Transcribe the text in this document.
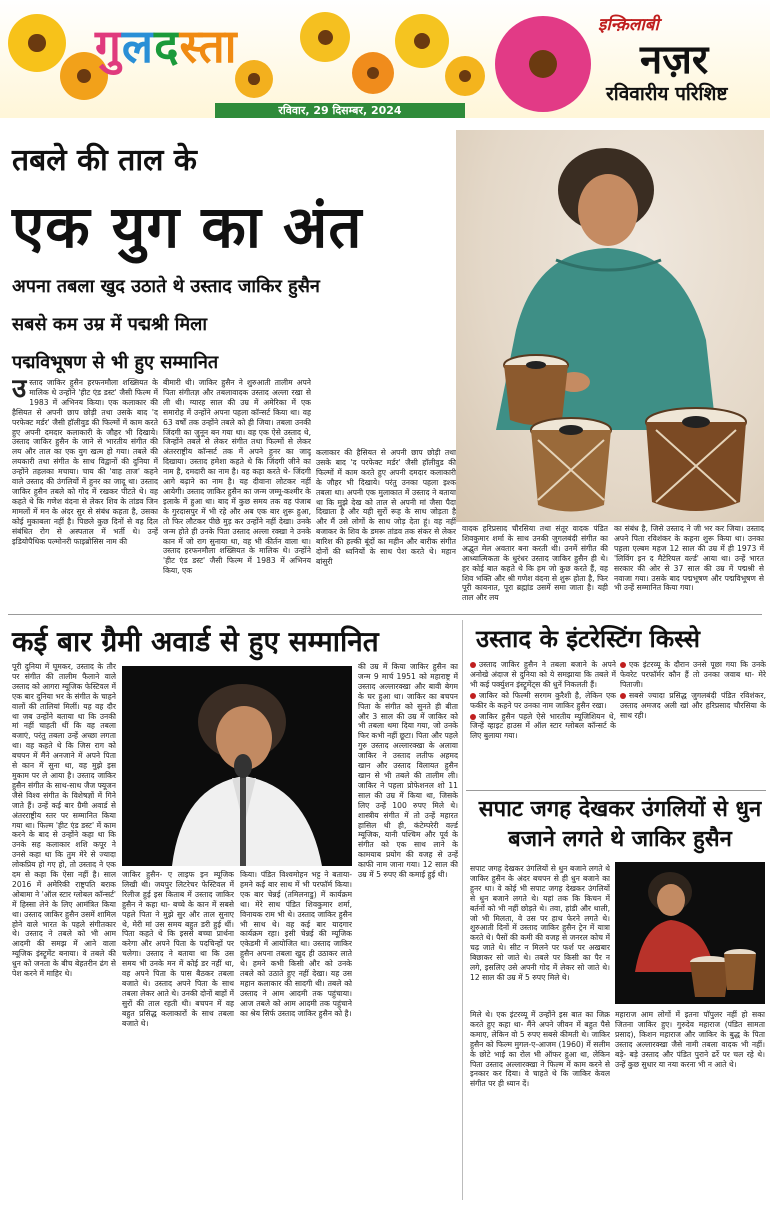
गुलदस्ता	इन्क़िलाबी
नज़र
रविवारीय परिशिष्ट
रविवार, 29 दिसम्बर, 2024
तबले की ताल के
एक युग का अंत
अपना तबला खुद उठाते थे उस्ताद जाकिर हुसैन
सबसे कम उम्र में पद्मश्री मिला
पद्मविभूषण से भी हुए सम्मानित
उस्ताद जाकिर हुसैन हरफनमौला शख्सियत के मालिक थे उन्होंने 'हीट एंड डस्ट' जैसी फिल्म में 1983 में अभिनय किया। एक कलाकार की हैसियत से अपनी छाप छोड़ी तथा उसके बाद 'द परफेक्ट मर्डर' जैसी हॉलीवुड की फिल्मों में काम करते हुए अपनी दमदार कलाकारी के जौहर भी दिखाये। उस्ताद जाकिर हुसैन के जाने से भारतीय संगीत की लय और ताल का एक युग खत्म हो गया। तबले की लयकारी तथा संगीत के साथ विद्वानों की दुनिया में उन्होंने तहलका मचाया। चाय की 'वाह ताज' कहने वाले उस्ताद की उंगलियों में हुनर का जादू था। उस्ताद जाकिर हुसैन तबले को गोद में रखकर पीटते थे। वह कहते थे कि गणेश वंदना से लेकर शिव के तांडव जिन मामलों में मन के अंदर सुर से संबंध कहता है, उसका कोई मुकाबला नहीं है। पिछले कुछ दिनों से वह दिल संबंधित रोग से अस्पताल में भर्ती थे। उन्हें इडियोपैथिक पल्मोनरी फाइब्रोसिस नाम की
बीमारी थी। जाकिर हुसैन ने शुरुआती तालीम अपने पिता संगीतज्ञ और तबलावादक उस्ताद अल्ला रखा से ली थी। ग्यारह साल की उम्र में अमेरिका में एक समारोह में उन्होंने अपना पहला कॉन्सर्ट किया था। वह 63 वर्षों तक उन्होंने तबले को ही जिया। तबला उनकी जिंदगी का जुनून बन गया था। वह एक ऐसे उस्ताद थे, जिन्होंने तबले से लेकर संगीत तथा फिल्मों से लेकर अंतरराष्ट्रीय कॉन्सर्ट तक में अपने हुनर का जादू दिखाया। उस्ताद हमेशा कहते थे कि जिंदगी जीने का नाम है, दमदारी का नाम है। वह कहा करते थे- जिंदगी आगे बढ़ाने का नाम है। यह दीवाना लोटकर नहीं आयेगी। उस्ताद जाकिर हुसैन का जन्म जम्मू-कश्मीर के इलाके में हुआ था। बाद में कुछ समय तक वह पंजाब के गुरदासपुर में भी रहे और अब एक बार शुरू हुआ, तो फिर लौटकर पीछे मुड़ कर उन्होंने नहीं देखा। उनके जन्म होते ही उनके पिता उस्ताद अल्ला रक्खा ने उनके कान में जो राग सुनाया था, वह भी कीर्तन वाला था। उस्ताद हरफनमौला शख्सियत के मालिक थे। उन्होंने 'हीट एंड डस्ट' जैसी फिल्म में 1983 में अभिनय किया, एक
कलाकार की हैसियत से अपनी छाप छोड़ी तथा उसके बाद 'द परफेक्ट मर्डर' जैसी हॉलीवुड की फिल्मों में काम करते हुए अपनी दमदार कलाकारी के जौहर भी दिखाये। परंतु उनका पहला इश्क तबला था। अपनी एक मुलाकात में उस्ताद ने बताया था कि मुझे देख को ताल से अपनी मां जैसा पैदा दिखाता है और यही सुरों रूह के साथ जोड़ता है और मैं उसे लोगों के साथ जोड़ देता हूं। वह नहीं बजाकर के शिव के डमरू तांडव तक संकर से लेकर बारिश की हल्की बूंदों का महीन और बारीक संगीत दोनों की ध्वनियों के साथ पेश करते थे। महान बांसुरी
वादक हरिप्रसाद चौरसिया तथा संतूर वादक पंडित शिवकुमार शर्मा के साथ उनकी जुगलबंदी संगीत का अद्भुत मेल अवतार बना करती थी। उनमें संगीत की आध्यात्मिकता के धुरंधर उस्ताद जाकिर हुसैन ही थे। हर कोई बात कहते थे कि हम जो कुछ करते हैं, वह शिव भक्ति और श्री गणेश वंदना से शुरू होता है, फिर पूरी कायनात, पूरा ब्रह्मांड उसमें समा जाता है। यही ताल और लय
का संबंध है, जिसे उस्ताद ने जी भर कर जिया। उस्ताद अपने पिता रविशंकर के कहना शुरू किया था। उनका पहला एल्बम महज 12 साल की उम्र में ही 1973 में 'लिविंग इन द मैटेरियल वर्ल्ड' आया था। उन्हें भारत सरकार की ओर से 37 साल की उम्र में पद्मश्री से नवाजा गया। उसके बाद पद्मभूषण और पद्मविभूषण से भी उन्हें सम्मानित किया गया।
कई बार ग्रैमी अवार्ड से हुए सम्मानित
पूरी दुनिया में घूमकर, उस्ताद के तौर पर संगीत की तालीम फैलाने वाले उस्ताद को आगरा म्यूजिक फेस्टिवल में एक बार दुनिया भर के संगीत के चाहने वालों की तालियां मिलीं। यह वह दौर था जब उन्होंने बताया था कि उनकी मां नहीं चाहती थीं कि वह तबला बजाएं, परंतु तबला उन्हें अच्छा लगता था। वह कहते थे कि जिस राग को बचपन में मैंने अनजाने में अपने पिता से कान में सुना था, वह मुझे इस मुकाम पर ले आया है। उस्ताद जाकिर हुसैन संगीत के साथ-साथ जैज फ्यूजन जैसे विश्व संगीत के विशेषज्ञों में गिने जाते हैं। उन्हें कई बार ग्रैमी अवार्ड से अंतरराष्ट्रीय स्तर पर सम्मानित किया गया था। फिल्म 'हीट एंड डस्ट' में काम करने के बाद से उन्होंने कहा था कि उनके सह कलाकार शशि कपूर ने उनसे कहा था कि तुम मेरे से ज्यादा लोकप्रिय हो गए हो, तो उस्ताद ने एक दम से कहा कि ऐसा नहीं है। साल 2016 में अमेरिकी राष्ट्रपति बराक ओबामा ने 'ऑल स्टार ग्लोबल कॉन्सर्ट' में हिस्सा लेने के लिए आमंत्रित किया था। उस्ताद जाकिर हुसैन उसमें शामिल होने वाले भारत के पहले संगीतकार थे। उस्ताद ने तबले को भी आम आदमी की समझ में आने वाला म्यूजिक इंस्ट्रूमेंट बनाया। वे तबले की धुन को जनता के बीच बेहतरीन ढंग से पेश करने में माहिर थे।
जाकिर हुसैन- ए लाइफ इन म्यूजिक लिखी थी। जयपुर लिटरेचर फेस्टिवल में रिलीज हुई इस किताब में उस्ताद जाकिर हुसैन ने कहा था- बच्चे के कान में सबसे पहले पिता ने मुझे सुर और ताल सुनाए थे, मेरी मां उस समय बहुत डरी हुई थीं। पिता कहते थे कि इससे बच्चा प्रार्थना करेगा और अपने पिता के पदचिन्हों पर चलेगा। उस्ताद ने बताया था कि उस समय भी उनके मन में कोई डर नहीं था, वह अपने पिता के पास बैठकर तबला बजाते थे। उस्ताद अपने पिता के साथ तबला लेकर आते थे। उनकी दोनों बाहों में सुरों की ताल रहती थी। बचपन में वह बहुत प्रसिद्ध कलाकारों के साथ तबला बजाते थे।
किया। पंडित विश्वमोहन भट्ट ने बताया- हमने कई बार साथ में भी परफॉर्म किया। एक बार चेन्नई (तमिलनाडु) में कार्यक्रम था। मेरे साथ पंडित शिवकुमार शर्मा, विनायक राम भी थे। उस्ताद जाकिर हुसैन भी साथ थे। वह कई बार यादगार कार्यक्रम रहा। इसी चेन्नई की म्यूजिक एकेडमी में आयोजित था। उस्ताद जाकिर हुसैन अपना तबला खुद ही उठाकर लाते थे। हमने कभी किसी और को उनके तबले को उठाते हुए नहीं देखा। यह उस महान कलाकार की सादगी थी। तबले को उस्ताद ने आम आदमी तक पहुंचाया। आज तबले को आम आदमी तक पहुंचाने का श्रेय सिर्फ उस्ताद जाकिर हुसैन को है।
की उम्र में किया जाकिर हुसैन का जन्म 9 मार्च 1951 को महाराष्ट्र में उस्ताद अल्लारक्खा और बावी बेगम के घर हुआ था। जाकिर का बचपन पिता के संगीत को सुनते ही बीता और 3 साल की उम्र में जाकिर को भी तबला थमा दिया गया, जो उनके फिर कभी नहीं छूटा। पिता और पहले गुरु उस्ताद अल्लारक्खा के अलावा जाकिर ने उस्ताद लतीफ अहमद खान और उस्ताद विलायत हुसैन खान से भी तबले की तालीम ली। जाकिर ने पहला प्रोफेशनल शो 11 साल की उम्र में किया था, जिसके लिए उन्हें 100 रुपए मिले थे। शास्त्रीय संगीत में तो उन्हें महारत हासिल थी ही, कंटेम्परेरी वर्ल्ड म्यूजिक, यानी पश्चिम और पूर्व के संगीत को एक साथ लाने के कामयाब प्रयोग की वजह से उन्हें काफी नाम जाना गया। 12 साल की उम्र में 5 रुपए की कमाई हुई थी।
उस्ताद के इंटरेस्टिंग किस्से

उस्ताद जाकिर हुसैन ने तबला बजाने के अपने अनोखे अंदाज से दुनिया को ये समझाया कि तबले में भी कई पर्क्युशन इंस्ट्रूमेंट्स की धुनें निकलती हैं।

जाकिर को फिल्मी सरगम कुरैशी है, लेकिन एक फकीर के कहने पर उनका नाम जाकिर हुसैन रखा।

जाकिर हुसैन पहले ऐसे भारतीय म्यूजिशियन थे, जिन्हें व्हाइट हाउस में ऑल स्टार ग्लोबल कॉन्सर्ट के लिए बुलाया गया।

एक इंटरव्यू के दौरान उनसे पूछा गया कि उनके फेवरेट परफॉर्मर कौन हैं तो उनका जवाब था- मेरे पिताजी।

सबसे ज्यादा प्रसिद्ध जुगलबंदी पंडित रविशंकर, उस्ताद अमजद अली खां और हरिप्रसाद चौरसिया के साथ रही।

सपाट जगह देखकर उंगलियों से धुन बजाने लगते थे जाकिर हुसैन
सपाट जगह देखकर उंगलियों से धुन बजाने लगते थे जाकिर हुसैन के अंदर बचपन से ही धुन बजाने का हुनर था। वे कोई भी सपाट जगह देखकर उंगलियों से धुन बजाने लगते थे। यहां तक कि किचन में बर्तनों को भी नहीं छोड़ते थे। तवा, हांडी और थाली, जो भी मिलता, वे उस पर हाथ फेरने लगते थे। शुरुआती दिनों में उस्ताद जाकिर हुसैन ट्रेन में यात्रा करते थे। पैसों की कमी की वजह से जनरल कोच में चढ़ जाते थे। सीट न मिलने पर फर्श पर अखबार बिछाकर सो जाते थे। तबले पर किसी का पैर न लगे, इसलिए उसे अपनी गोद में लेकर सो जाते थे। 12 साल की उम्र में 5 रुपए मिले थे।
मिले थे। एक इंटरव्यू में उन्होंने इस बात का जिक्र करते हुए कहा था- मैंने अपने जीवन में बहुत पैसे कमाए, लेकिन वो 5 रुपए सबसे कीमती थे। जाकिर हुसैन को फिल्म मुगल-ए-आजम (1960) में सलीम के छोटे भाई का रोल भी ऑफर हुआ था, लेकिन पिता उस्ताद अल्लारक्खा ने फिल्म में काम करने से इनकार कर दिया। वे चाहते थे कि जाकिर केवल संगीत पर ही ध्यान दें।
महाराज आम लोगों में इतना पॉपुलर नहीं हो सका जितना जाकिर हुए। गुरुदेव महाराज (पंडित सामता प्रसाद), किशन महाराज और जाकिर के बुद्ध के पिता उस्ताद अल्लारक्खा जैसे नामी तबला वादक भी नहीं। बड़े- बड़े उस्ताद और पंडित पुराने ढर्रे पर चल रहे थे। उन्हें कुछ सुधार या नया करना भी न आते थे।
